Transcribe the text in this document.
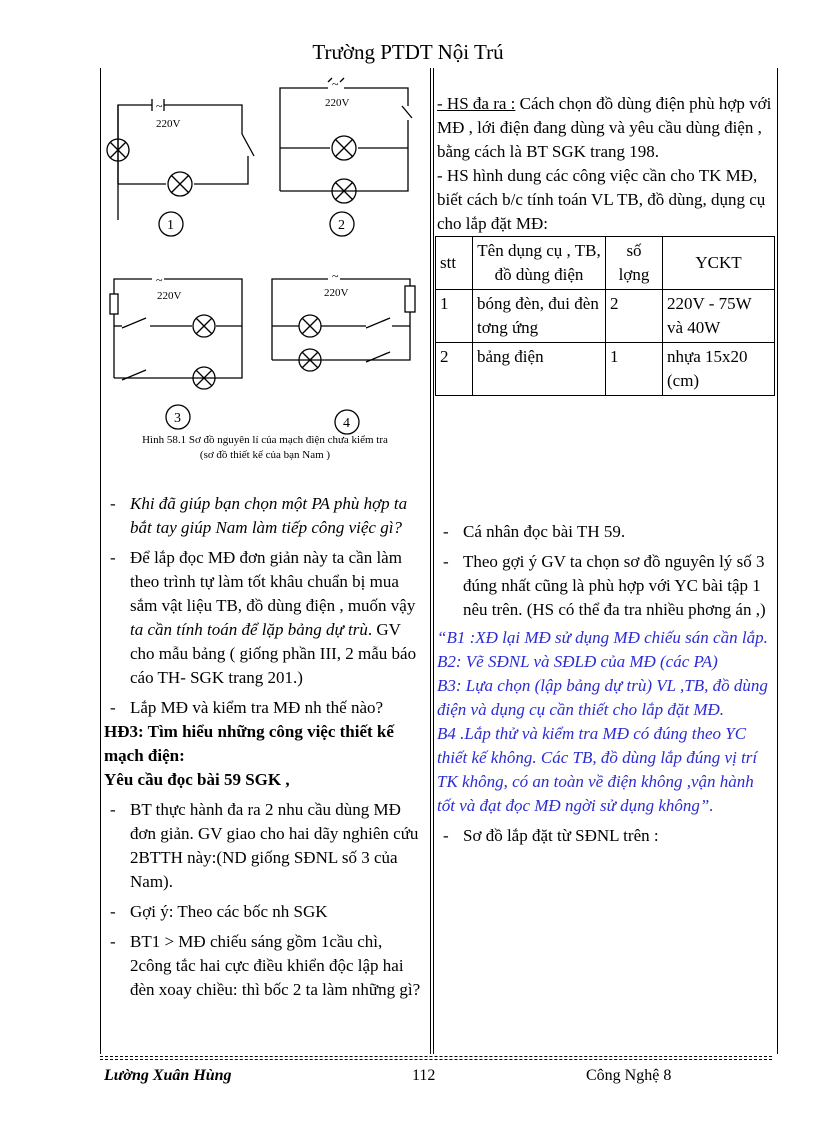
Trường PTDT Nội Trú
220V
220V
220V	220V
~
~
~	~
1	2
3	4
Hình 58.1 Sơ đồ nguyên lí của mạch điện chưa kiểm tra
(sơ đồ thiết kế của bạn Nam )

- Khi đã giúp bạn chọn một PA phù hợp ta bắt tay giúp Nam làm tiếp công việc gì?

- Để lắp đọc MĐ đơn giản này ta cần làm theo trình tự làm tốt khâu chuẩn bị mua sắm vật liệu TB, đồ dùng điện , muốn vậy ta cần tính toán để lặp bảng dự trù. GV cho mẫu bảng ( giống phần III, 2 mẫu báo cáo TH- SGK trang 201.)

- Lắp MĐ và kiểm tra MĐ nh thế nào?

HĐ3: Tìm hiểu những công việc thiết kế mạch điện:
Yêu cầu đọc bài 59 SGK ,

- BT thực hành đa ra 2 nhu cầu dùng MĐ đơn giản. GV giao cho hai dãy nghiên cứu 2BTTH này:(ND giống SĐNL số 3 của Nam).

- Gợi ý: Theo các bốc nh SGK

- BT1 > MĐ chiếu sáng gồm 1cầu chì, 2công tắc hai cực điều khiển độc lập hai đèn xoay chiều: thì bốc 2 ta làm những gì?

- HS đa ra : Cách chọn đồ dùng điện phù hợp với MĐ , lới điện đang dùng và yêu cầu dùng điện , bằng cách là BT SGK trang 198.
- HS hình dung các công việc cần cho TK MĐ, biết cách b/c tính toán VL TB, đồ dùng, dụng cụ cho lắp đặt MĐ:
stt	Tên dụng cụ , TB, đồ dùng điện	số lợng	YCKT
1	bóng đèn, đui đèn tơng ứng	2	220V - 75W và 40W
2	bảng điện	1	nhựa 15x20 (cm)

- Cá nhân đọc bài TH 59.

- Theo gợi ý GV ta chọn sơ đồ nguyên lý số 3 đúng nhất cũng là phù hợp với YC bài tập 1 nêu trên. (HS có thể đa tra nhiều phơng án ,)

“B1 :XĐ lại MĐ sử dụng MĐ chiếu sán cần lắp.
B2: Vẽ SĐNL và SĐLĐ của MĐ (các PA)
B3: Lựa chọn (lập bảng dự trù) VL ,TB, đồ dùng điện và dụng cụ cần thiết cho lắp đặt MĐ.
B4 .Lắp thử và kiểm tra MĐ có đúng theo YC thiết kế không. Các TB, đồ dùng lắp đúng vị trí TK không, có an toàn về điện không ,vận hành tốt và đạt đọc MĐ ngời sử dụng không”.

- Sơ đồ lắp đặt từ SĐNL trên :

Lường Xuân Hùng	112	Công Nghệ 8
